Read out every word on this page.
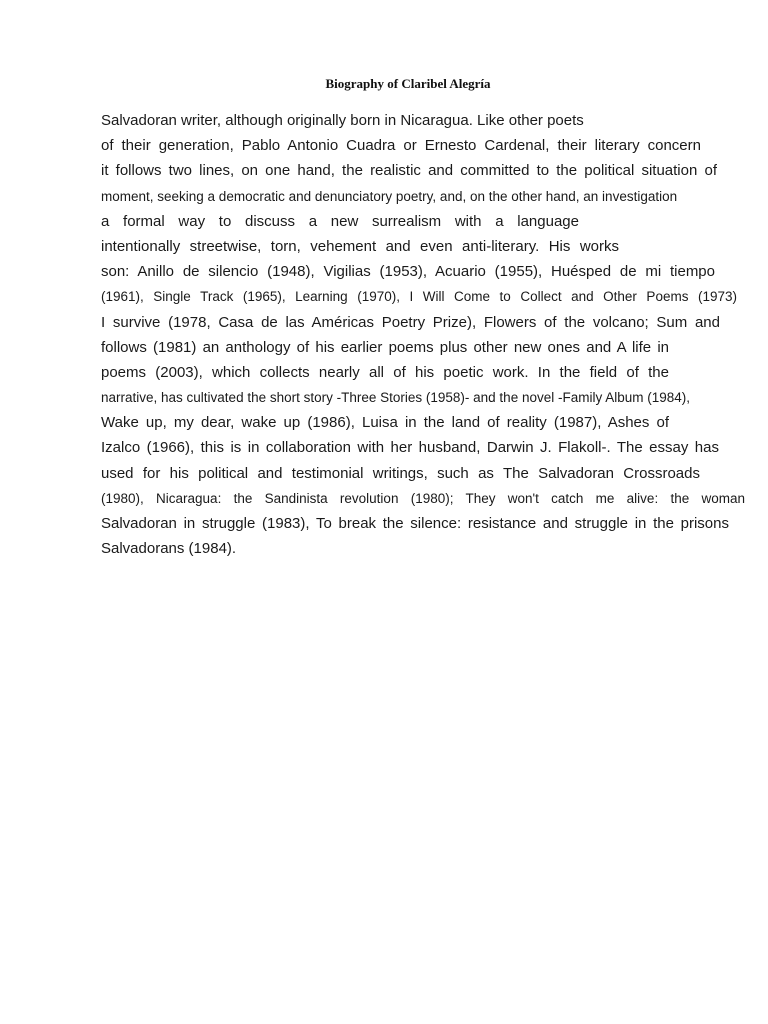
Biography of Claribel Alegría
Salvadoran writer, although originally born in Nicaragua. Like other poets
of their generation, Pablo Antonio Cuadra or Ernesto Cardenal, their literary concern
it follows two lines, on one hand, the realistic and committed to the political situation of
moment, seeking a democratic and denunciatory poetry, and, on the other hand, an investigation
a formal way to discuss a new surrealism with a language
intentionally streetwise, torn, vehement and even anti-literary. His works
son: Anillo de silencio (1948), Vigilias (1953), Acuario (1955), Huésped de mi tiempo
(1961), Single Track (1965), Learning (1970), I Will Come to Collect and Other Poems (1973)
I survive (1978, Casa de las Américas Poetry Prize), Flowers of the volcano; Sum and
follows (1981) an anthology of his earlier poems plus other new ones and A life in
poems (2003), which collects nearly all of his poetic work. In the field of the
narrative, has cultivated the short story -Three Stories (1958)- and the novel -Family Album (1984),
Wake up, my dear, wake up (1986), Luisa in the land of reality (1987), Ashes of
Izalco (1966), this is in collaboration with her husband, Darwin J. Flakoll-. The essay has
used for his political and testimonial writings, such as The Salvadoran Crossroads
(1980), Nicaragua: the Sandinista revolution (1980); They won't catch me alive: the woman
Salvadoran in struggle (1983), To break the silence: resistance and struggle in the prisons
Salvadorans (1984).
